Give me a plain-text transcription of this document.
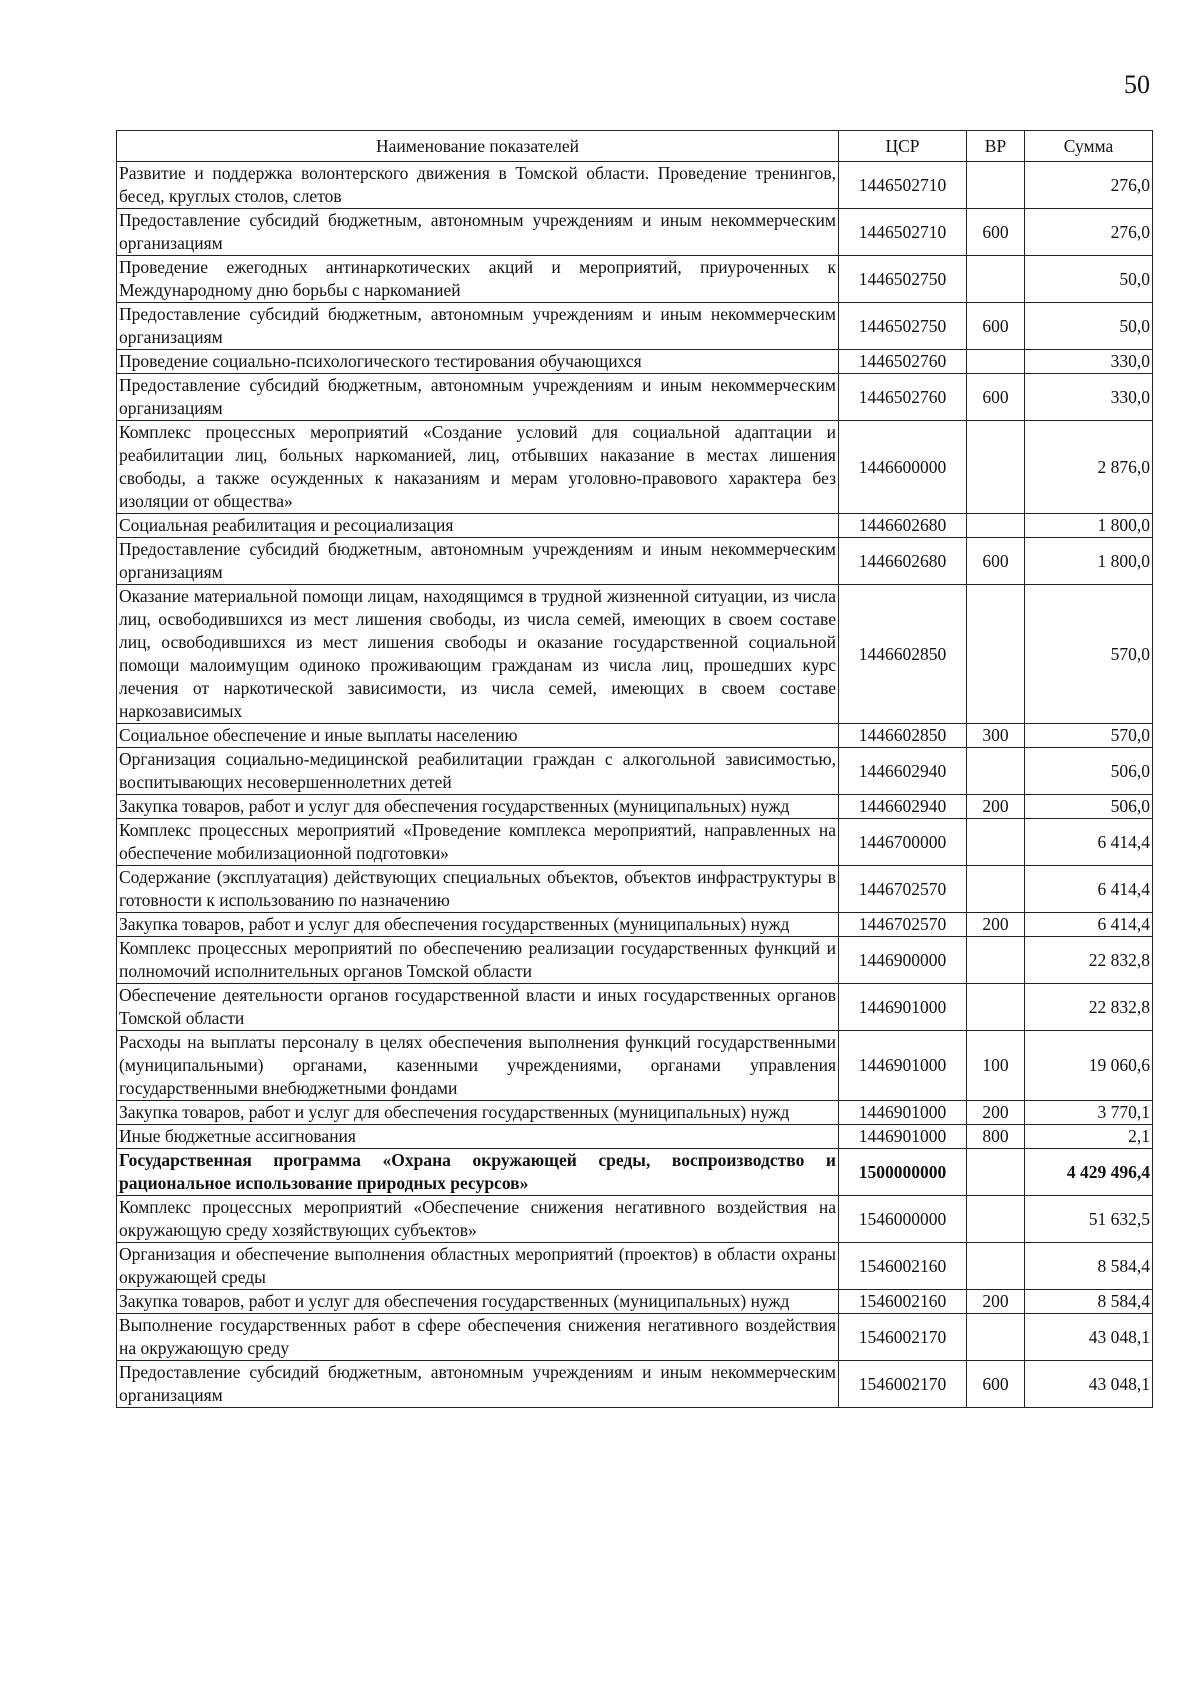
50
Наименование показателей	ЦСР	ВР	Сумма
Развитие и поддержка волонтерского движения в Томской области. Проведение тренингов, бесед, круглых столов, слетов	1446502710		276,0
Предоставление субсидий бюджетным, автономным учреждениям и иным некоммерческим организациям	1446502710	600	276,0
Проведение ежегодных антинаркотических акций и мероприятий, приуроченных к Международному дню борьбы с наркоманией	1446502750		50,0
Предоставление субсидий бюджетным, автономным учреждениям и иным некоммерческим организациям	1446502750	600	50,0
Проведение социально-психологического тестирования обучающихся	1446502760		330,0
Предоставление субсидий бюджетным, автономным учреждениям и иным некоммерческим организациям	1446502760	600	330,0
Комплекс процессных мероприятий «Создание условий для социальной адаптации и реабилитации лиц, больных наркоманией, лиц, отбывших наказание в местах лишения свободы, а также осужденных к наказаниям и мерам уголовно-правового характера без изоляции от общества»	1446600000		2 876,0
Социальная реабилитация и ресоциализация	1446602680		1 800,0
Предоставление субсидий бюджетным, автономным учреждениям и иным некоммерческим организациям	1446602680	600	1 800,0
Оказание материальной помощи лицам, находящимся в трудной жизненной ситуации, из числа лиц, освободившихся из мест лишения свободы, из числа семей, имеющих в своем составе лиц, освободившихся из мест лишения свободы и оказание государственной социальной помощи малоимущим одиноко проживающим гражданам из числа лиц, прошедших курс лечения от наркотической зависимости, из числа семей, имеющих в своем составе наркозависимых	1446602850		570,0
Социальное обеспечение и иные выплаты населению	1446602850	300	570,0
Организация социально-медицинской реабилитации граждан с алкогольной зависимостью, воспитывающих несовершеннолетних детей	1446602940		506,0
Закупка товаров, работ и услуг для обеспечения государственных (муниципальных) нужд	1446602940	200	506,0
Комплекс процессных мероприятий «Проведение комплекса мероприятий, направленных на обеспечение мобилизационной подготовки»	1446700000		6 414,4
Содержание (эксплуатация) действующих специальных объектов, объектов инфраструктуры в готовности к использованию по назначению	1446702570		6 414,4
Закупка товаров, работ и услуг для обеспечения государственных (муниципальных) нужд	1446702570	200	6 414,4
Комплекс процессных мероприятий по обеспечению реализации государственных функций и полномочий исполнительных органов Томской области	1446900000		22 832,8
Обеспечение деятельности органов государственной власти и иных государственных органов Томской области	1446901000		22 832,8
Расходы на выплаты персоналу в целях обеспечения выполнения функций государственными (муниципальными) органами, казенными учреждениями, органами управления государственными внебюджетными фондами	1446901000	100	19 060,6
Закупка товаров, работ и услуг для обеспечения государственных (муниципальных) нужд	1446901000	200	3 770,1
Иные бюджетные ассигнования	1446901000	800	2,1
Государственная программа «Охрана окружающей среды, воспроизводство и рациональное использование природных ресурсов»	1500000000		4 429 496,4
Комплекс процессных мероприятий «Обеспечение снижения негативного воздействия на окружающую среду хозяйствующих субъектов»	1546000000		51 632,5
Организация и обеспечение выполнения областных мероприятий (проектов) в области охраны окружающей среды	1546002160		8 584,4
Закупка товаров, работ и услуг для обеспечения государственных (муниципальных) нужд	1546002160	200	8 584,4
Выполнение государственных работ в сфере обеспечения снижения негативного воздействия на окружающую среду	1546002170		43 048,1
Предоставление субсидий бюджетным, автономным учреждениям и иным некоммерческим организациям	1546002170	600	43 048,1
